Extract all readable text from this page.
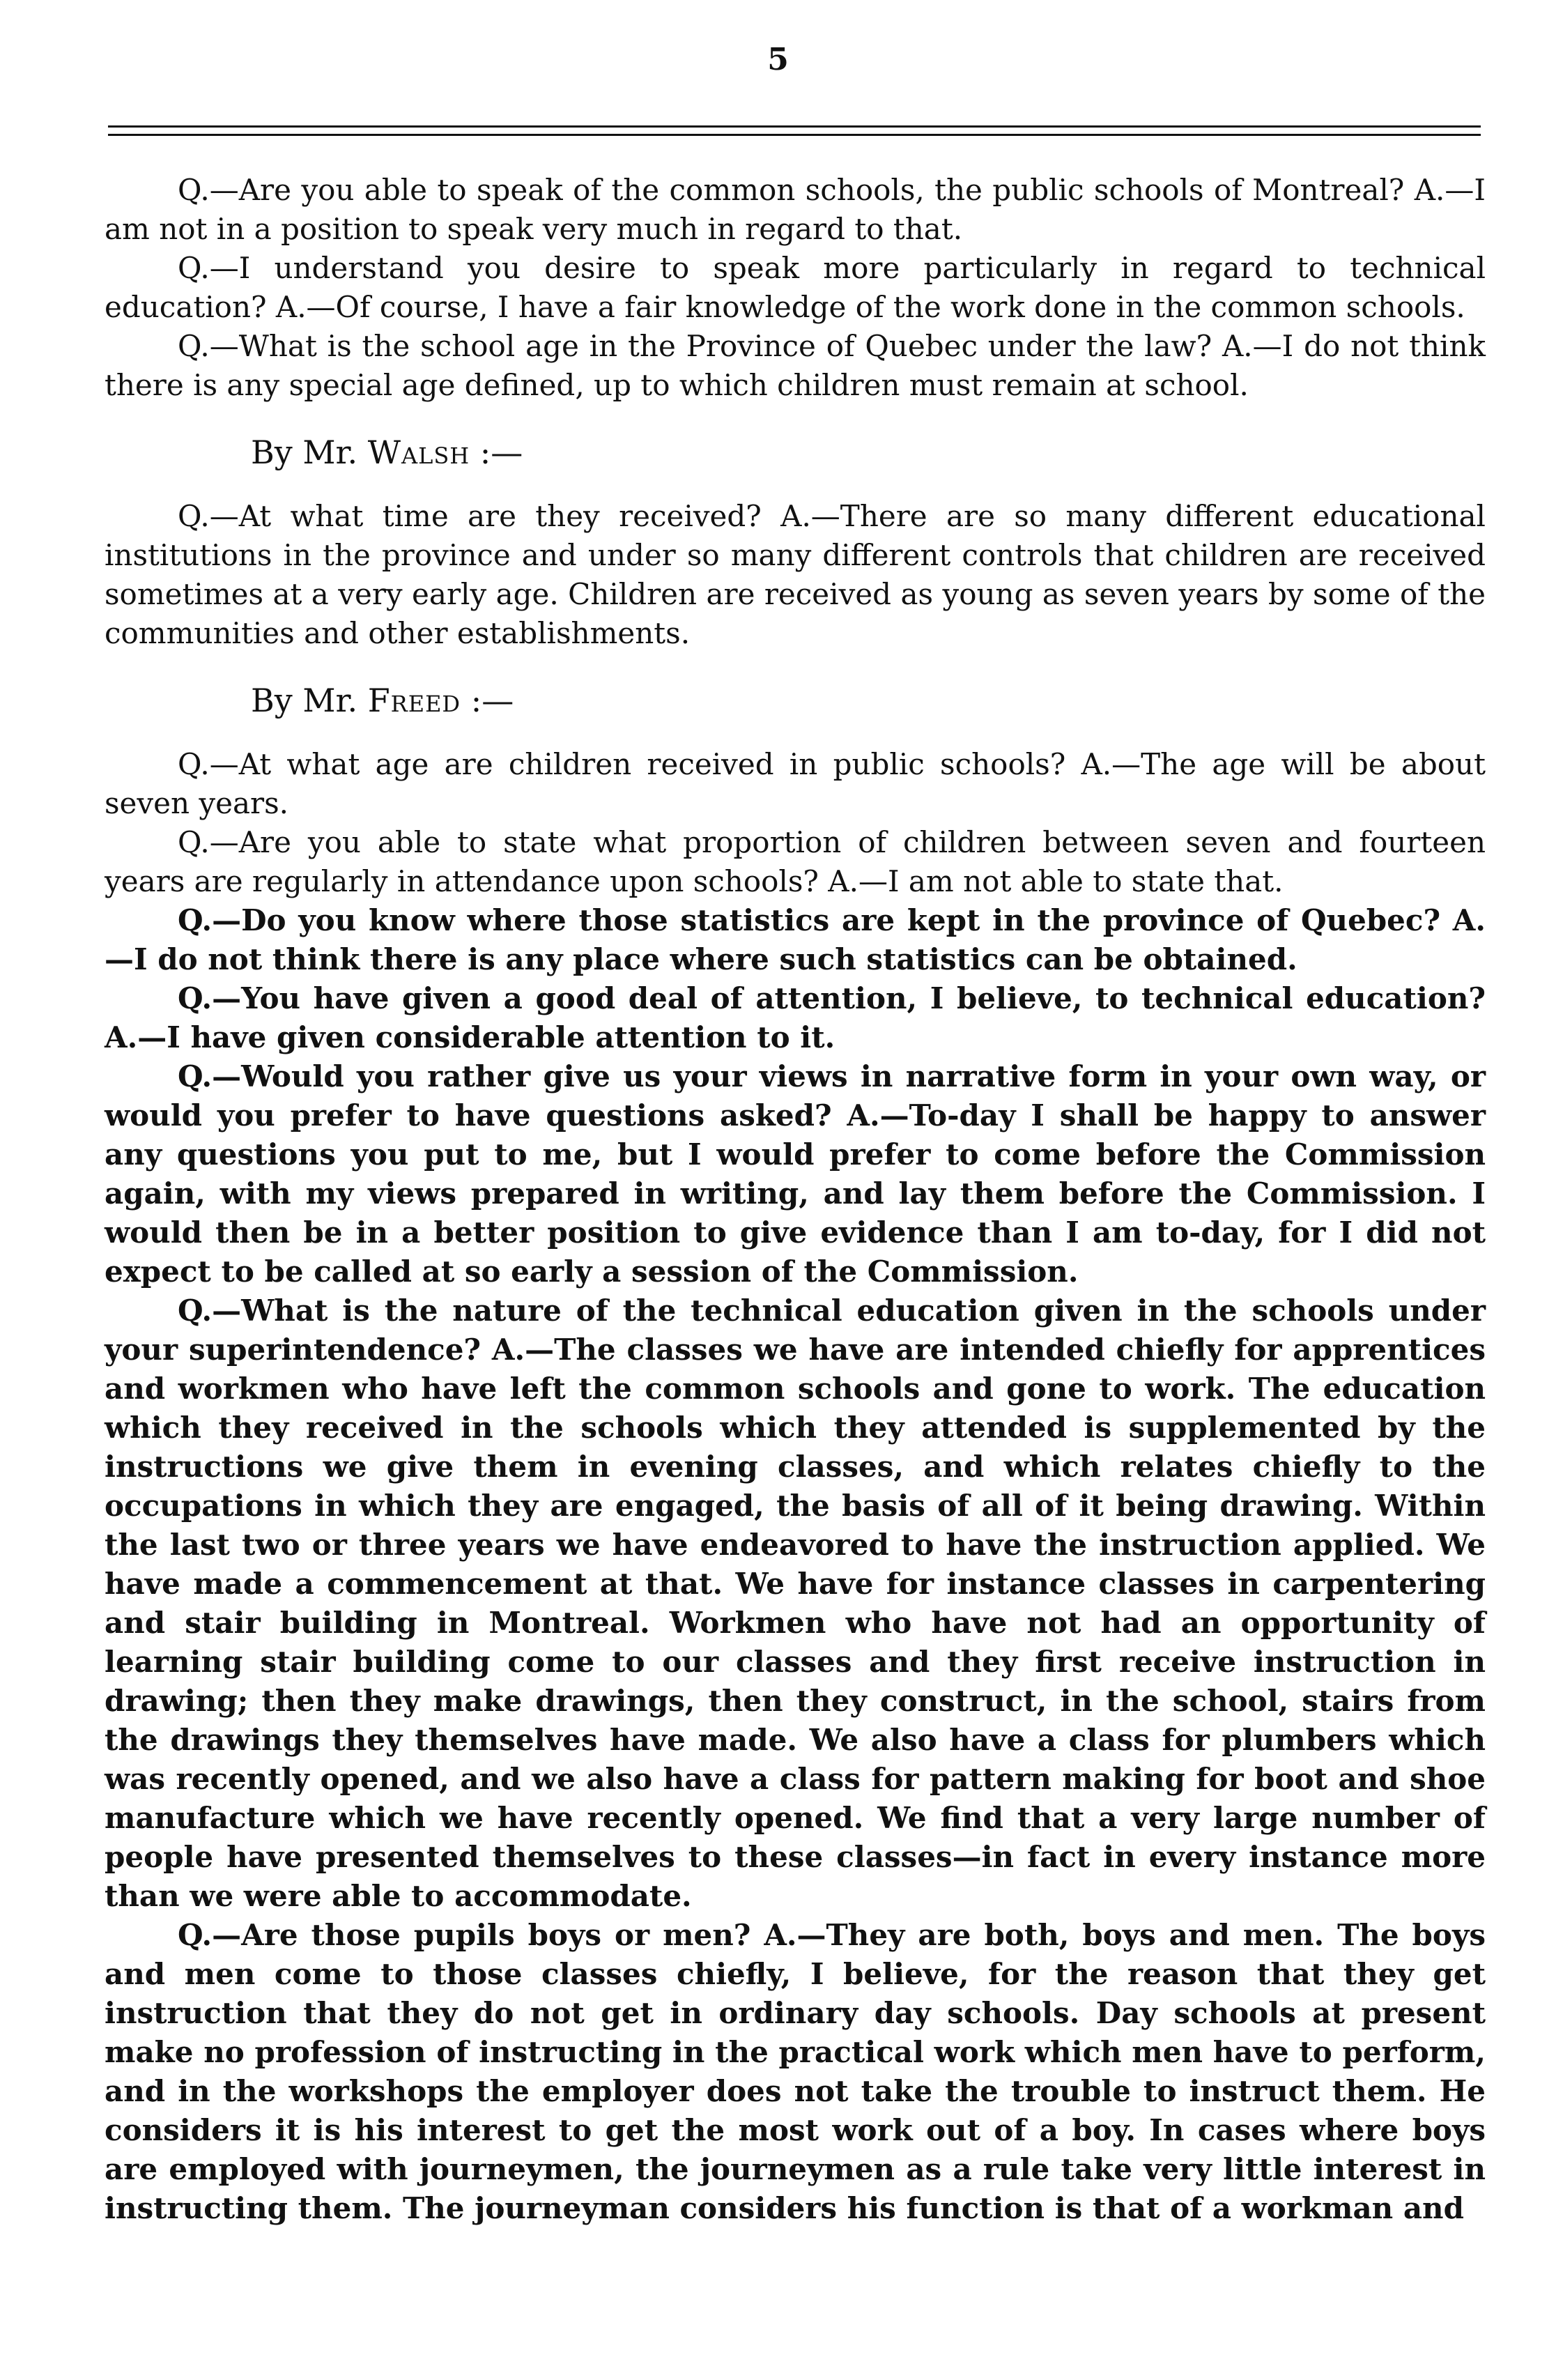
5

Q.—Are you able to speak of the common schools, the public schools of Montreal? A.—I am not in a position to speak very much in regard to that.

Q.—I understand you desire to speak more particularly in regard to technical education? A.—Of course, I have a fair knowledge of the work done in the common schools.

Q.—What is the school age in the Province of Quebec under the law? A.—I do not think there is any special age defined, up to which children must remain at school.

By Mr. Walsh :—

Q.—At what time are they received? A.—There are so many different educational institutions in the province and under so many different controls that children are received sometimes at a very early age. Children are received as young as seven years by some of the communities and other establishments.

By Mr. Freed :—

Q.—At what age are children received in public schools? A.—The age will be about seven years.

Q.—Are you able to state what proportion of children between seven and fourteen years are regularly in attendance upon schools? A.—I am not able to state that.

Q.—Do you know where those statistics are kept in the province of Quebec? A.—I do not think there is any place where such statistics can be obtained.

Q.—You have given a good deal of attention, I believe, to technical education? A.—I have given considerable attention to it.

Q.—Would you rather give us your views in narrative form in your own way, or would you prefer to have questions asked? A.—To-day I shall be happy to answer any questions you put to me, but I would prefer to come before the Commission again, with my views prepared in writing, and lay them before the Commission. I would then be in a better position to give evidence than I am to-day, for I did not expect to be called at so early a session of the Commission.

Q.—What is the nature of the technical education given in the schools under your superintendence? A.—The classes we have are intended chiefly for apprentices and workmen who have left the common schools and gone to work. The education which they received in the schools which they attended is supplemented by the instructions we give them in evening classes, and which relates chiefly to the occupations in which they are engaged, the basis of all of it being drawing. Within the last two or three years we have endeavored to have the instruction applied. We have made a commencement at that. We have for instance classes in carpentering and stair building in Montreal. Workmen who have not had an opportunity of learning stair building come to our classes and they first receive instruction in drawing; then they make drawings, then they construct, in the school, stairs from the drawings they themselves have made. We also have a class for plumbers which was recently opened, and we also have a class for pattern making for boot and shoe manufacture which we have recently opened. We find that a very large number of people have presented themselves to these classes—in fact in every instance more than we were able to accommodate.

Q.—Are those pupils boys or men? A.—They are both, boys and men. The boys and men come to those classes chiefly, I believe, for the reason that they get instruction that they do not get in ordinary day schools. Day schools at present make no profession of instructing in the practical work which men have to perform, and in the workshops the employer does not take the trouble to instruct them. He considers it is his interest to get the most work out of a boy. In cases where boys are employed with journeymen, the journeymen as a rule take very little interest in instructing them. The journeyman considers his function is that of a workman and
